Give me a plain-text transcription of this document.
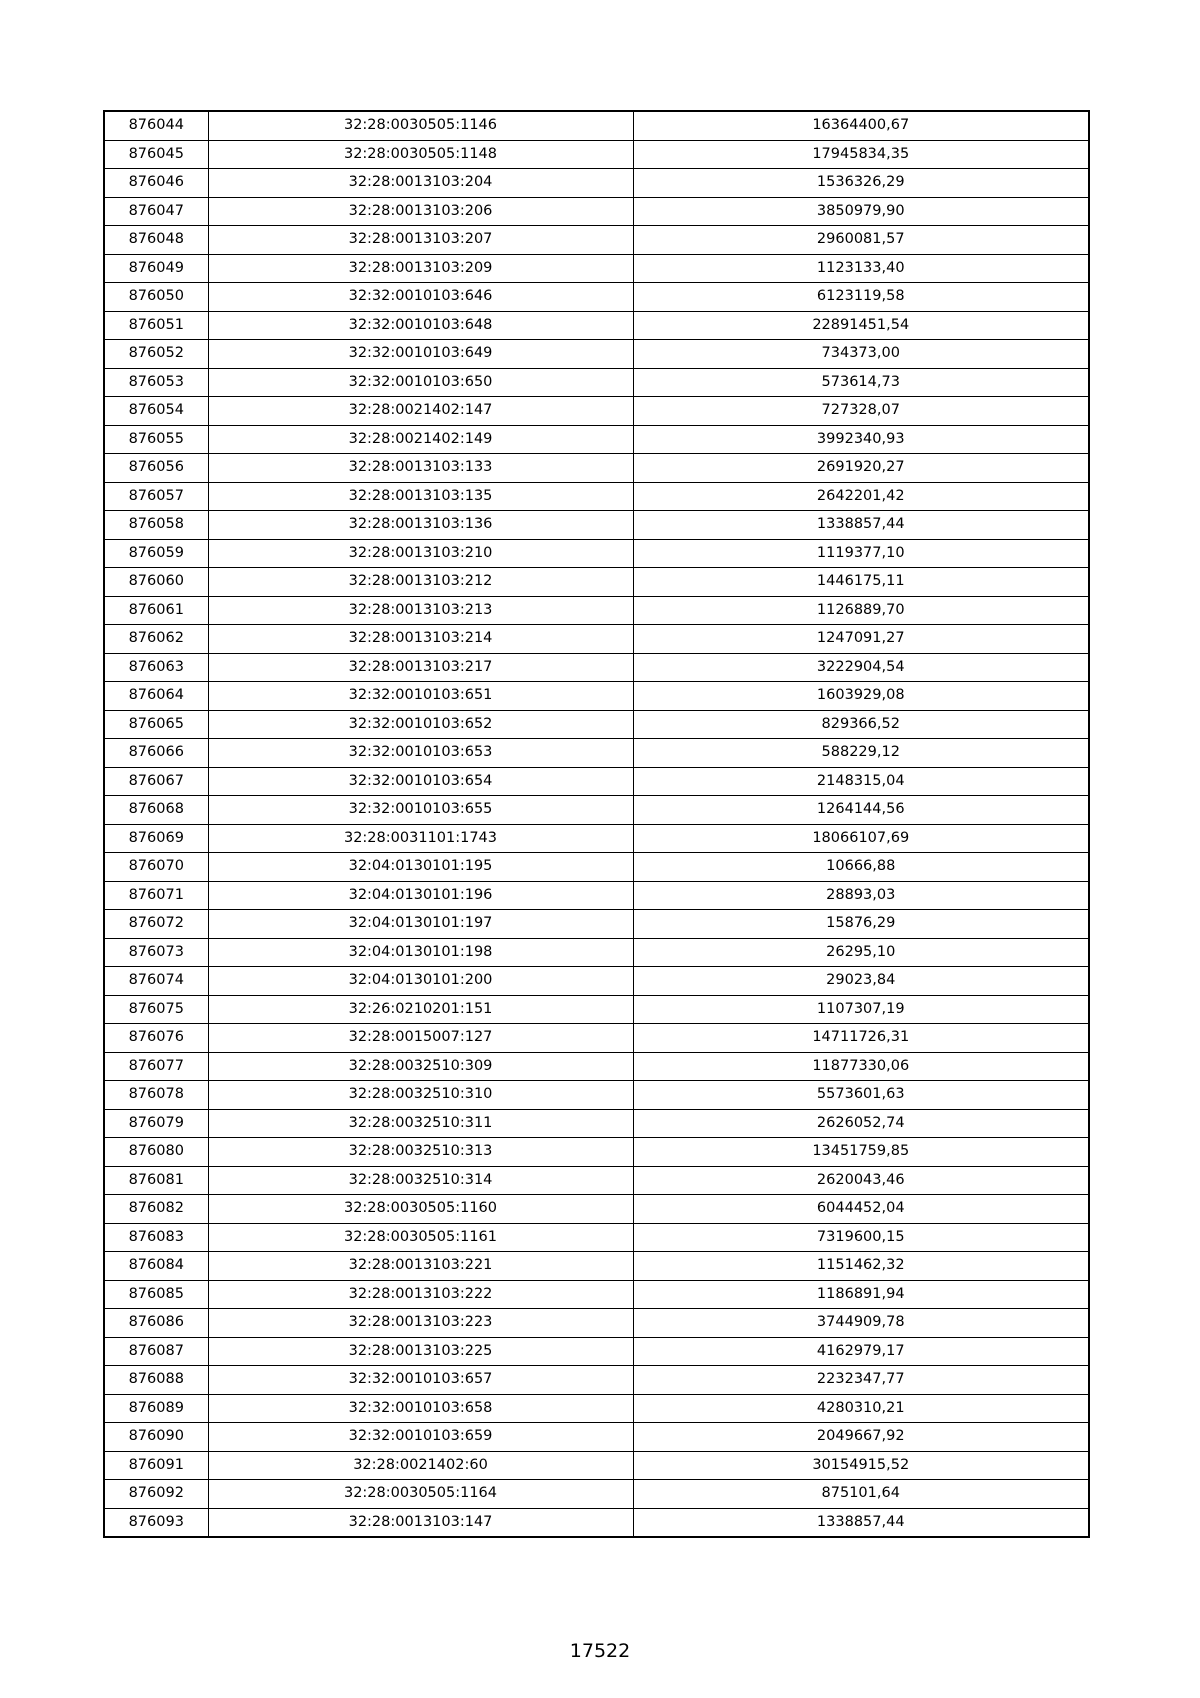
876044	32:28:0030505:1146	16364400,67
876045	32:28:0030505:1148	17945834,35
876046	32:28:0013103:204	1536326,29
876047	32:28:0013103:206	3850979,90
876048	32:28:0013103:207	2960081,57
876049	32:28:0013103:209	1123133,40
876050	32:32:0010103:646	6123119,58
876051	32:32:0010103:648	22891451,54
876052	32:32:0010103:649	734373,00
876053	32:32:0010103:650	573614,73
876054	32:28:0021402:147	727328,07
876055	32:28:0021402:149	3992340,93
876056	32:28:0013103:133	2691920,27
876057	32:28:0013103:135	2642201,42
876058	32:28:0013103:136	1338857,44
876059	32:28:0013103:210	1119377,10
876060	32:28:0013103:212	1446175,11
876061	32:28:0013103:213	1126889,70
876062	32:28:0013103:214	1247091,27
876063	32:28:0013103:217	3222904,54
876064	32:32:0010103:651	1603929,08
876065	32:32:0010103:652	829366,52
876066	32:32:0010103:653	588229,12
876067	32:32:0010103:654	2148315,04
876068	32:32:0010103:655	1264144,56
876069	32:28:0031101:1743	18066107,69
876070	32:04:0130101:195	10666,88
876071	32:04:0130101:196	28893,03
876072	32:04:0130101:197	15876,29
876073	32:04:0130101:198	26295,10
876074	32:04:0130101:200	29023,84
876075	32:26:0210201:151	1107307,19
876076	32:28:0015007:127	14711726,31
876077	32:28:0032510:309	11877330,06
876078	32:28:0032510:310	5573601,63
876079	32:28:0032510:311	2626052,74
876080	32:28:0032510:313	13451759,85
876081	32:28:0032510:314	2620043,46
876082	32:28:0030505:1160	6044452,04
876083	32:28:0030505:1161	7319600,15
876084	32:28:0013103:221	1151462,32
876085	32:28:0013103:222	1186891,94
876086	32:28:0013103:223	3744909,78
876087	32:28:0013103:225	4162979,17
876088	32:32:0010103:657	2232347,77
876089	32:32:0010103:658	4280310,21
876090	32:32:0010103:659	2049667,92
876091	32:28:0021402:60	30154915,52
876092	32:28:0030505:1164	875101,64
876093	32:28:0013103:147	1338857,44
17522
